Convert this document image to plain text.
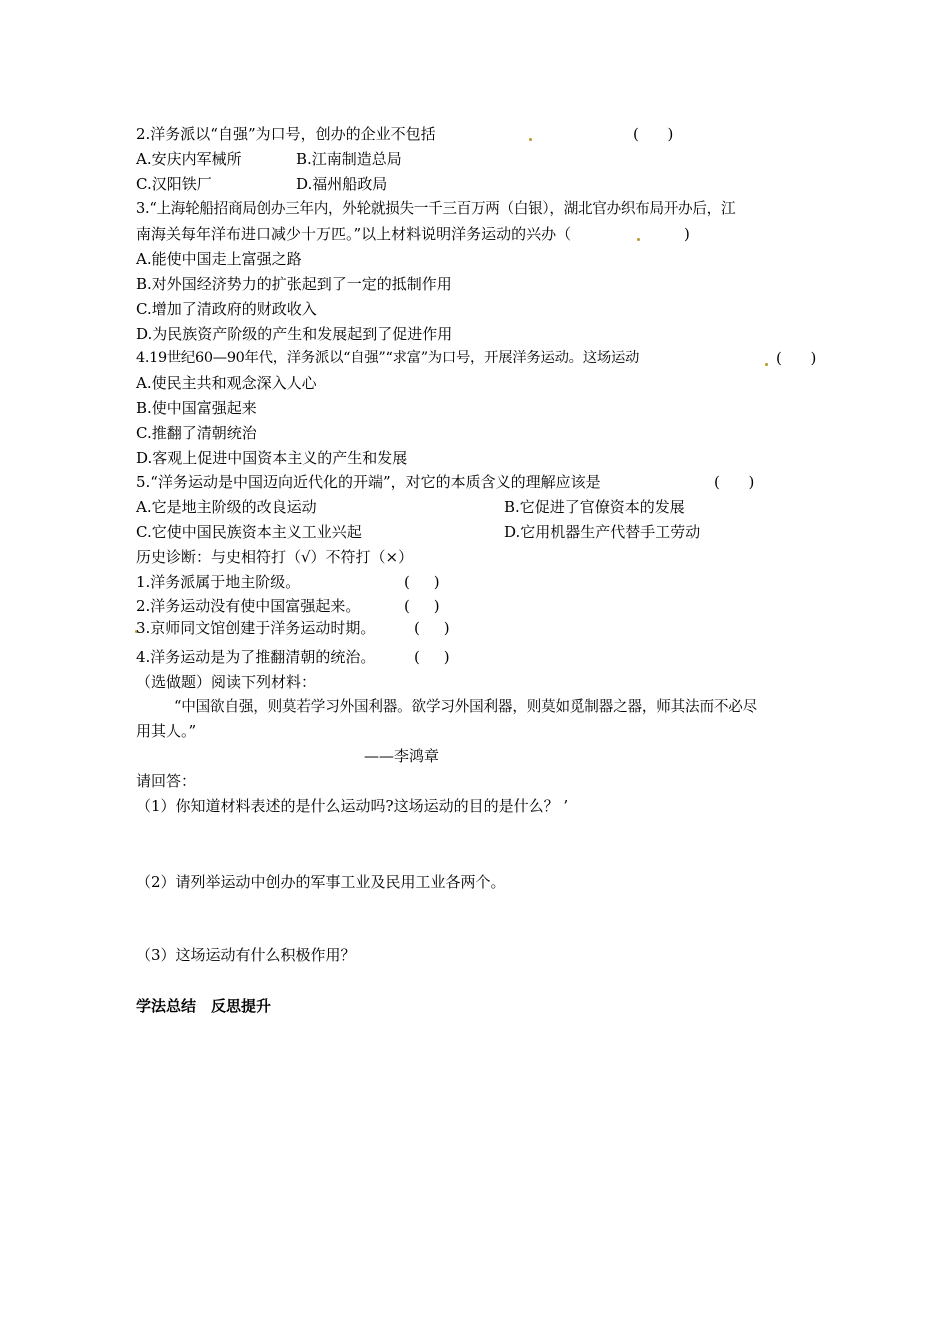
2.洋务派以“自强”为口号，创办的企业不包括	(      )
A.安庆内军械所	B.江南制造总局
C.汉阳铁厂	D.福州船政局
3.“上海轮船招商局创办三年内，外轮就损失一千三百万两（白银），湖北官办织布局开办后，江
南海关每年洋布进口减少十万匹。”以上材料说明洋务运动的兴办（	)
A.能使中国走上富强之路
B.对外国经济势力的扩张起到了一定的抵制作用
C.增加了清政府的财政收入
D.为民族资产阶级的产生和发展起到了促进作用
4.19世纪60—90年代，洋务派以“自强”“求富”为口号，开展洋务运动。这场运动	(      )
A.使民主共和观念深入人心
B.使中国富强起来
C.推翻了清朝统治
D.客观上促进中国资本主义的产生和发展
5.“洋务运动是中国迈向近代化的开端”，对它的本质含义的理解应该是	(      )
A.它是地主阶级的改良运动	B.它促进了官僚资本的发展
C.它使中国民族资本主义工业兴起	D.它用机器生产代替手工劳动
历史诊断：与史相符打（√）不符打（×）
1.洋务派属于地主阶级。	(     )
2.洋务运动没有使中国富强起来。	(     )
3.京师同文馆创建于洋务运动时期。	(     )
4.洋务运动是为了推翻清朝的统治。	(     )
（选做题）阅读下列材料：
“中国欲自强，则莫若学习外国利器。欲学习外国利器，则莫如觅制器之器，师其法而不必尽
用其人。”
——李鸿章
请回答：
（1）你知道材料表述的是什么运动吗?这场运动的目的是什么？ ’
（2）请列举运动中创办的军事工业及民用工业各两个。
（3）这场运动有什么积极作用？
学法总结　反思提升
